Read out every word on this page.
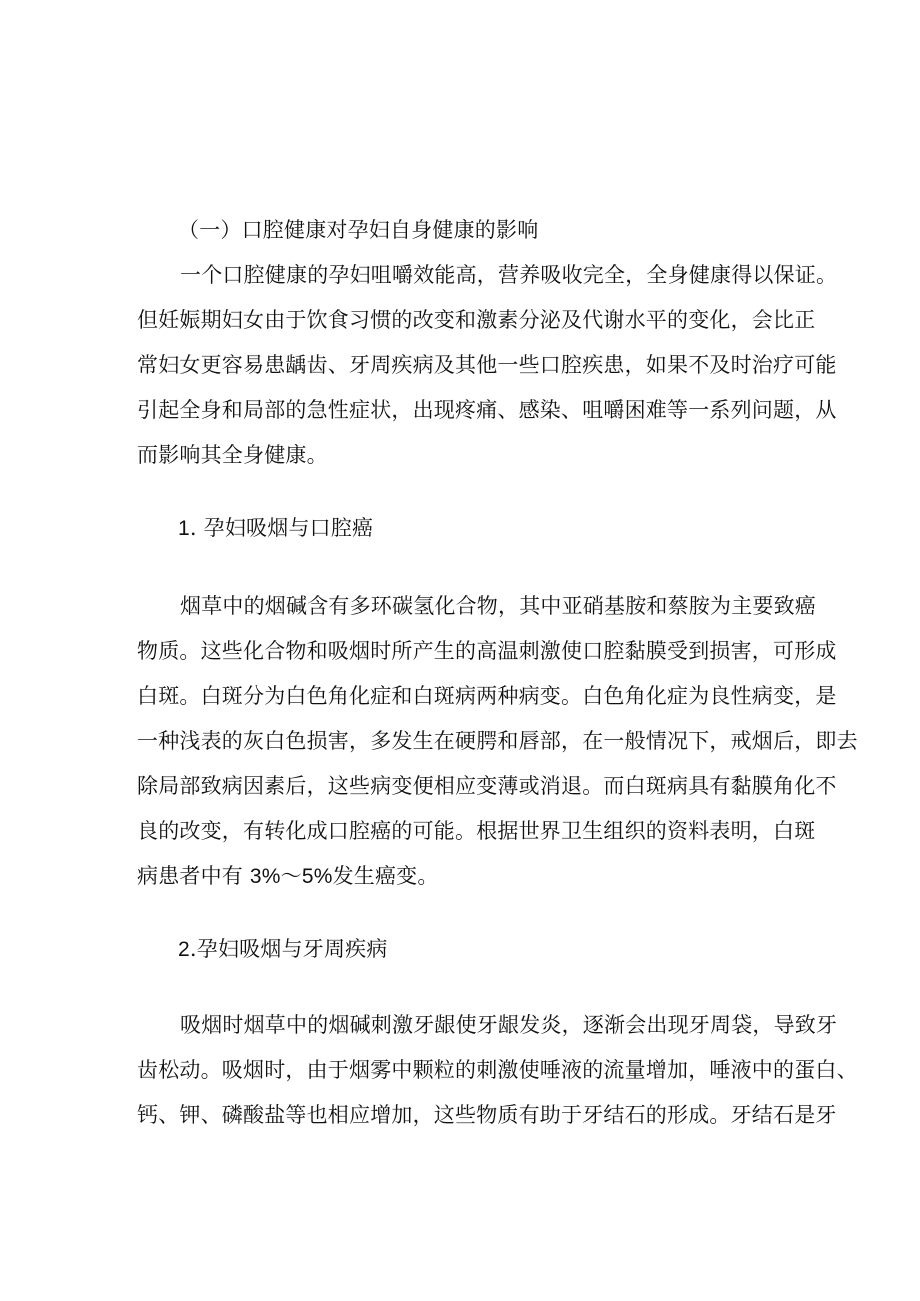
（一）口腔健康对孕妇自身健康的影响
一个口腔健康的孕妇咀嚼效能高，营养吸收完全，全身健康得以保证。
但妊娠期妇女由于饮食习惯的改变和激素分泌及代谢水平的变化，会比正
常妇女更容易患龋齿、牙周疾病及其他一些口腔疾患，如果不及时治疗可能
引起全身和局部的急性症状，出现疼痛、感染、咀嚼困难等一系列问题，从
而影响其全身健康。
1. 孕妇吸烟与口腔癌
烟草中的烟碱含有多环碳氢化合物，其中亚硝基胺和蔡胺为主要致癌
物质。这些化合物和吸烟时所产生的高温刺激使口腔黏膜受到损害，可形成
白斑。白斑分为白色角化症和白斑病两种病变。白色角化症为良性病变，是
一种浅表的灰白色损害，多发生在硬腭和唇部，在一般情况下，戒烟后，即去
除局部致病因素后，这些病变便相应变薄或消退。而白斑病具有黏膜角化不
良的改变，有转化成口腔癌的可能。根据世界卫生组织的资料表明，白斑
病患者中有 3%～5%发生癌变。
2.孕妇吸烟与牙周疾病
吸烟时烟草中的烟碱刺激牙龈使牙龈发炎，逐渐会出现牙周袋，导致牙
齿松动。吸烟时，由于烟雾中颗粒的刺激使唾液的流量增加，唾液中的蛋白、
钙、钾、磷酸盐等也相应增加，这些物质有助于牙结石的形成。牙结石是牙
